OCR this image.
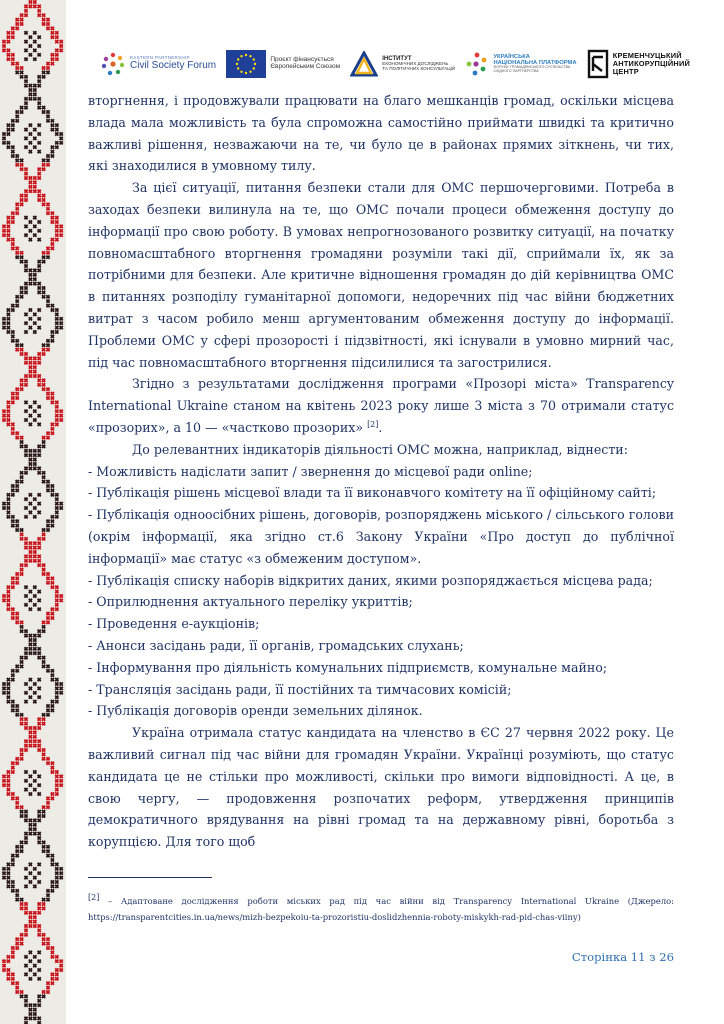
EASTERN PARTNERSHIP
Civil Society Forum
Проєкт фінансується
Європейським Союзом
ІНСТИТУТ
ЕКОНОМІЧНИХ ДОСЛІДЖЕНЬ
ТА ПОЛІТИЧНИХ КОНСУЛЬТАЦІЙ
УКРАЇНСЬКА
НАЦІОНАЛЬНА ПЛАТФОРМА
ФОРУМУ ГРОМАДЯНСЬКОГО СУСПІЛЬСТВА
СХІДНОГО ПАРТНЕРСТВА
КРЕМЕНЧУЦЬКИЙ
АНТИКОРУПЦІЙНИЙ
ЦЕНТР

вторгнення, і продовжували працювати на благо мешканців громад, оскільки місцева влада мала можливість та була спроможна самостійно приймати швидкі та критично важливі рішення, незважаючи на те, чи було це в районах прямих зіткнень, чи тих, які знаходилися в умовному тилу.

За цієї ситуації, питання безпеки стали для ОМС першочерговими. Потреба в заходах безпеки вилинула на те, що ОМС почали процеси обмеження доступу до інформації про свою роботу. В умовах непрогнозованого розвитку ситуації, на початку повномасштабного вторгнення громадяни розуміли такі дії, сприймали їх, як за потрібними для безпеки. Але критичне відношення громадян до дій керівництва ОМС в питаннях розподілу гуманітарної допомоги, недоречних під час війни бюджетних витрат з часом робило менш аргументованим обмеження доступу до інформації. Проблеми ОМС у сфері прозорості і підзвітності, які існували в умовно мирний час, під час повномасштабного вторгнення підсилилися та загострилися.

Згідно з результатами дослідження програми «Прозорі міста» Transparency International Ukraine станом на квітень 2023 року лише 3 міста з 70 отримали статус «прозорих», а 10 — «частково прозорих» [2].

До релевантних індикаторів діяльності ОМС можна, наприклад, віднести:

- Можливість надіслати запит / звернення до місцевої ради online;

- Публікація рішень місцевої влади та її виконавчого комітету на її офіційному сайті;

- Публікація одноосібних рішень, договорів, розпоряджень міського / сільського голови (окрім інформації, яка згідно ст.6 Закону України «Про доступ до публічної інформації» має статус «з обмеженим доступом».

- Публікація списку наборів відкритих даних, якими розпоряджається місцева рада;

- Оприлюднення актуального переліку укриттів;

- Проведення е-аукціонів;

- Анонси засідань ради, її органів, громадських слухань;

- Інформування про діяльність комунальних підприємств, комунальне майно;

- Трансляція засідань ради, її постійних та тимчасових комісій;

- Публікація договорів оренди земельних ділянок.

Україна отримала статус кандидата на членство в ЄС 27 червня 2022 року. Це важливий сигнал під час війни для громадян України. Українці розуміють, що статус кандидата це не стільки про можливості, скільки про вимоги відповідності. А це, в свою чергу, — продовження розпочатих реформ, утвердження принципів демократичного врядування на рівні громад та на державному рівні, боротьба з корупцією. Для того щоб

[2] – Адаптоване дослідження роботи міських рад під час війни від Transparency International Ukraine (Джерело: https://transparentcities.in.ua/news/mizh-bezpekoiu-ta-prozoristiu-doslidzhennia-roboty-miskykh-rad-pid-chas-viiny)
Сторінка 11 з 26
